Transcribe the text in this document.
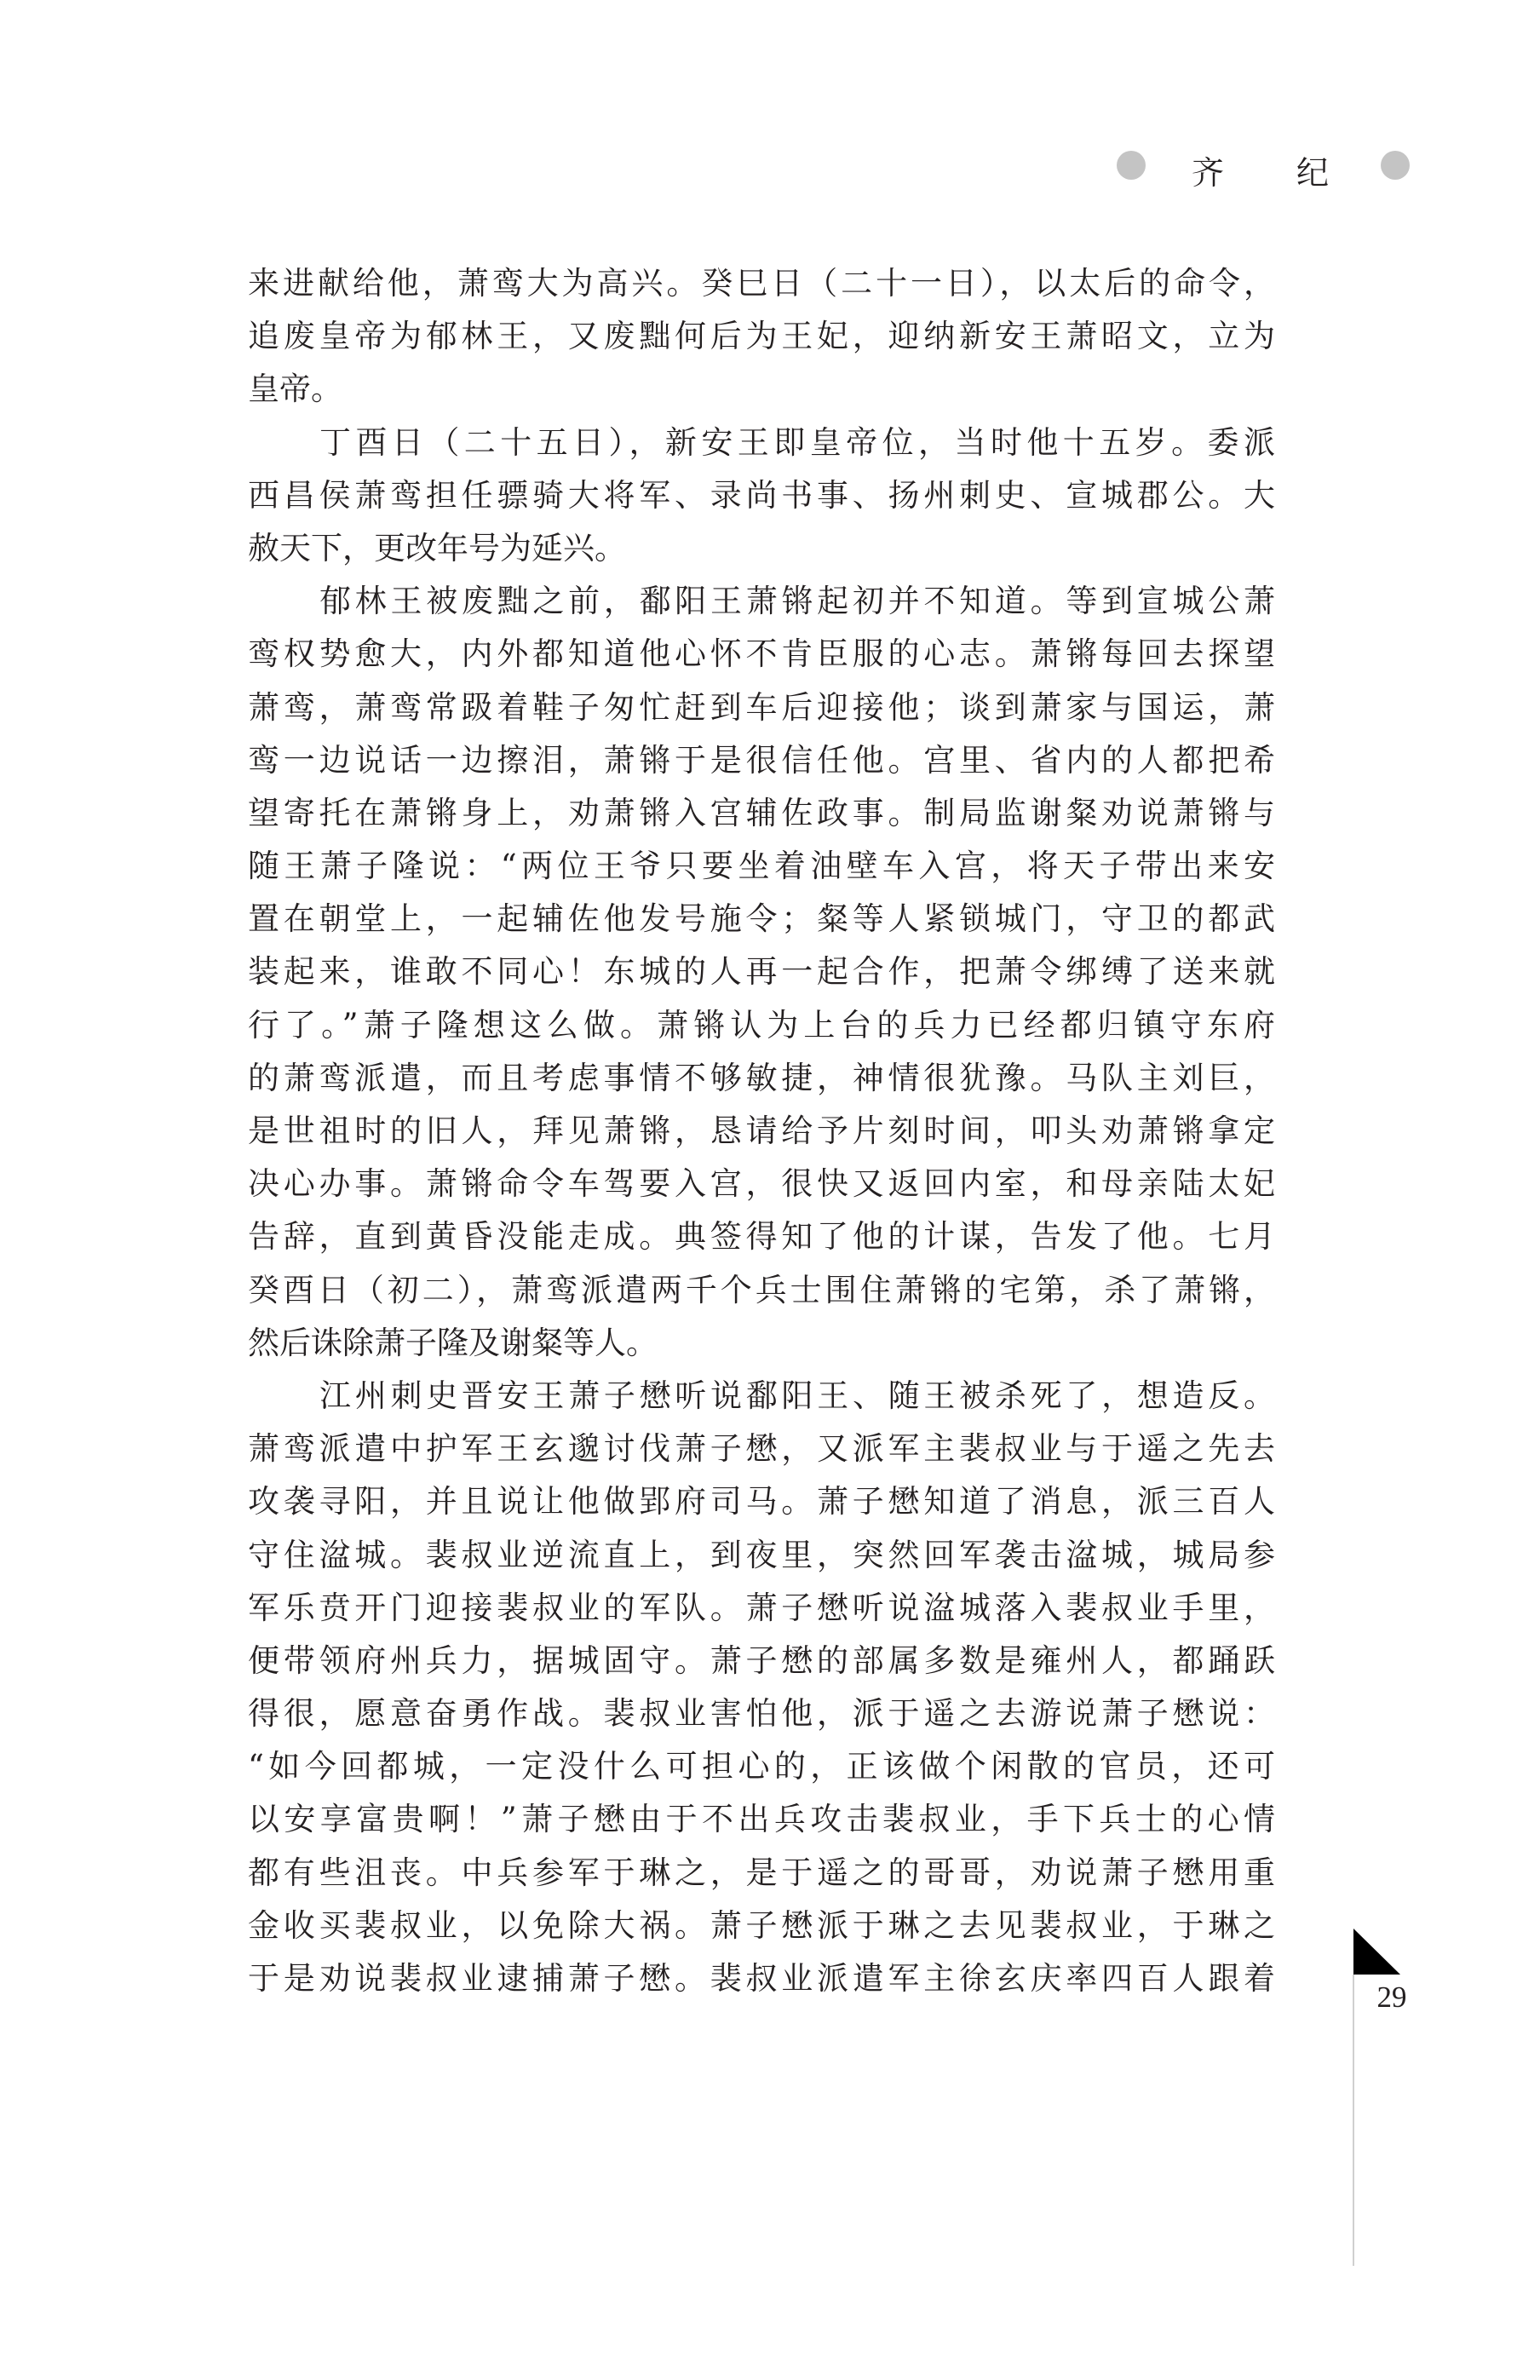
齐 纪
来进献给他，萧鸾大为高兴。癸巳日（二十一日），以太后的命令，
追废皇帝为郁林王，又废黜何后为王妃，迎纳新安王萧昭文，立为
皇帝。
丁酉日（二十五日），新安王即皇帝位，当时他十五岁。委派
西昌侯萧鸾担任骠骑大将军、录尚书事、扬州刺史、宣城郡公。大
赦天下，更改年号为延兴。
郁林王被废黜之前，鄱阳王萧锵起初并不知道。等到宣城公萧
鸾权势愈大，内外都知道他心怀不肯臣服的心志。萧锵每回去探望
萧鸾，萧鸾常趿着鞋子匆忙赶到车后迎接他；谈到萧家与国运，萧
鸾一边说话一边擦泪，萧锵于是很信任他。宫里、省内的人都把希
望寄托在萧锵身上，劝萧锵入宫辅佐政事。制局监谢粲劝说萧锵与
随王萧子隆说：“两位王爷只要坐着油壁车入宫，将天子带出来安
置在朝堂上，一起辅佐他发号施令；粲等人紧锁城门，守卫的都武
装起来，谁敢不同心！东城的人再一起合作，把萧令绑缚了送来就
行了。”萧子隆想这么做。萧锵认为上台的兵力已经都归镇守东府
的萧鸾派遣，而且考虑事情不够敏捷，神情很犹豫。马队主刘巨，
是世祖时的旧人，拜见萧锵，恳请给予片刻时间，叩头劝萧锵拿定
决心办事。萧锵命令车驾要入宫，很快又返回内室，和母亲陆太妃
告辞，直到黄昏没能走成。典签得知了他的计谋，告发了他。七月
癸酉日（初二），萧鸾派遣两千个兵士围住萧锵的宅第，杀了萧锵，
然后诛除萧子隆及谢粲等人。
江州刺史晋安王萧子懋听说鄱阳王、随王被杀死了，想造反。
萧鸾派遣中护军王玄邈讨伐萧子懋，又派军主裴叔业与于遥之先去
攻袭寻阳，并且说让他做郢府司马。萧子懋知道了消息，派三百人
守住湓城。裴叔业逆流直上，到夜里，突然回军袭击湓城，城局参
军乐贲开门迎接裴叔业的军队。萧子懋听说湓城落入裴叔业手里，
便带领府州兵力，据城固守。萧子懋的部属多数是雍州人，都踊跃
得很，愿意奋勇作战。裴叔业害怕他，派于遥之去游说萧子懋说：
“如今回都城，一定没什么可担心的，正该做个闲散的官员，还可
以安享富贵啊！”萧子懋由于不出兵攻击裴叔业，手下兵士的心情
都有些沮丧。中兵参军于琳之，是于遥之的哥哥，劝说萧子懋用重
金收买裴叔业，以免除大祸。萧子懋派于琳之去见裴叔业，于琳之
于是劝说裴叔业逮捕萧子懋。裴叔业派遣军主徐玄庆率四百人跟着
29
